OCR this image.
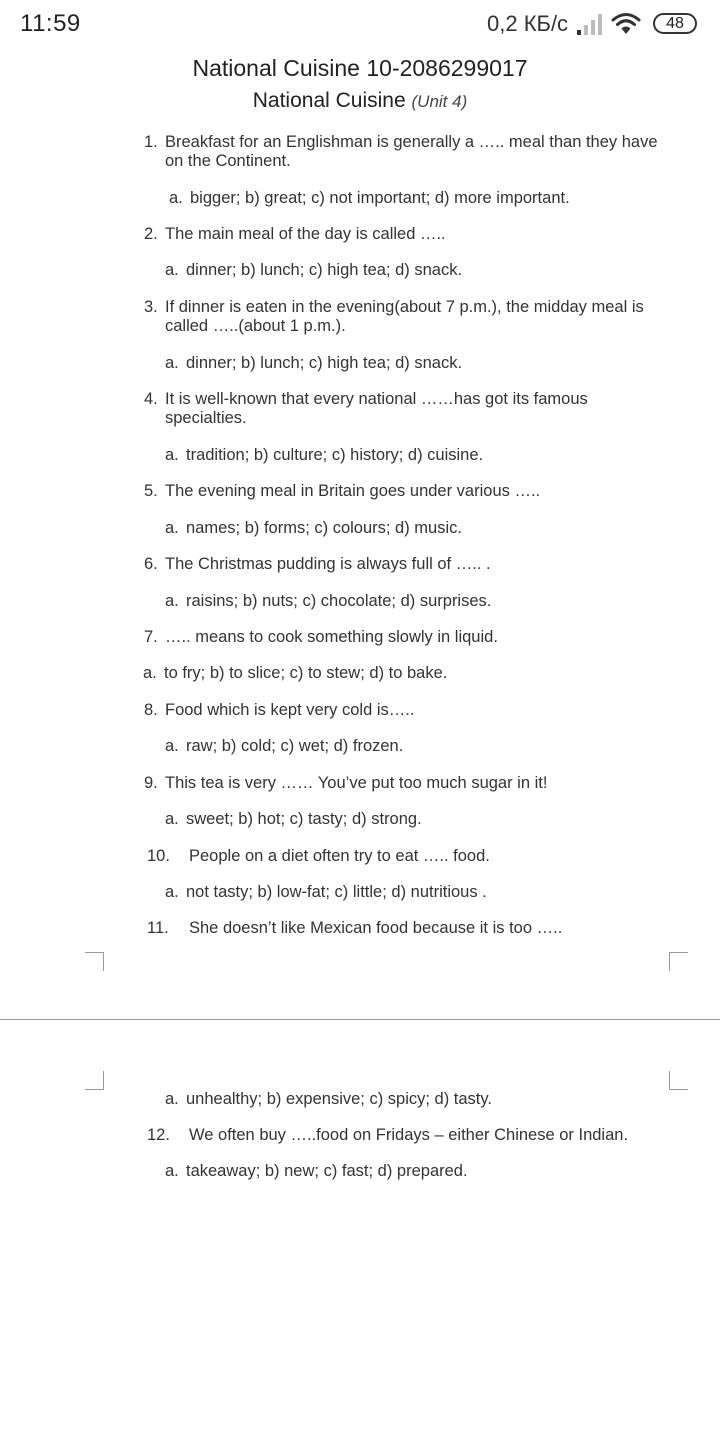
11:59	0,2 КБ/с	48
National Cuisine 10-2086299017
National Cuisine (Unit 4)
1. Breakfast for an Englishman is generally a ….. meal than they have on the Continent.
a. bigger; b) great; c) not important; d) more important.
2. The main meal of the day is called …..
a. dinner; b) lunch; c) high tea; d) snack.
3. If dinner is eaten in the evening(about 7 p.m.), the midday meal is called …..(about 1 p.m.).
a. dinner; b) lunch; c) high tea; d) snack.
4. It is well-known that every national ……has got its famous specialties.
a. tradition; b) culture; c) history; d) cuisine.
5. The evening meal in Britain goes under various …..
a. names; b) forms; c) colours; d) music.
6. The Christmas pudding is always full of ….. .
a. raisins; b) nuts; c) chocolate; d) surprises.
7. ….. means to cook something slowly in liquid.
a. to fry; b) to slice; c) to stew; d) to bake.
8. Food which is kept very cold is…..
a. raw; b) cold; c) wet; d) frozen.
9. This tea is very …… You’ve put too much sugar in it!
a. sweet; b) hot; c) tasty; d) strong.
10. People on a diet often try to eat ….. food.
a. not tasty; b) low-fat; c) little; d) nutritious .
11. She doesn’t like Mexican food because it is too …..
a. unhealthy; b) expensive; c) spicy; d) tasty.
12. We often buy …..food on Fridays – either Chinese or Indian.
a. takeaway; b) new; c) fast; d) prepared.
